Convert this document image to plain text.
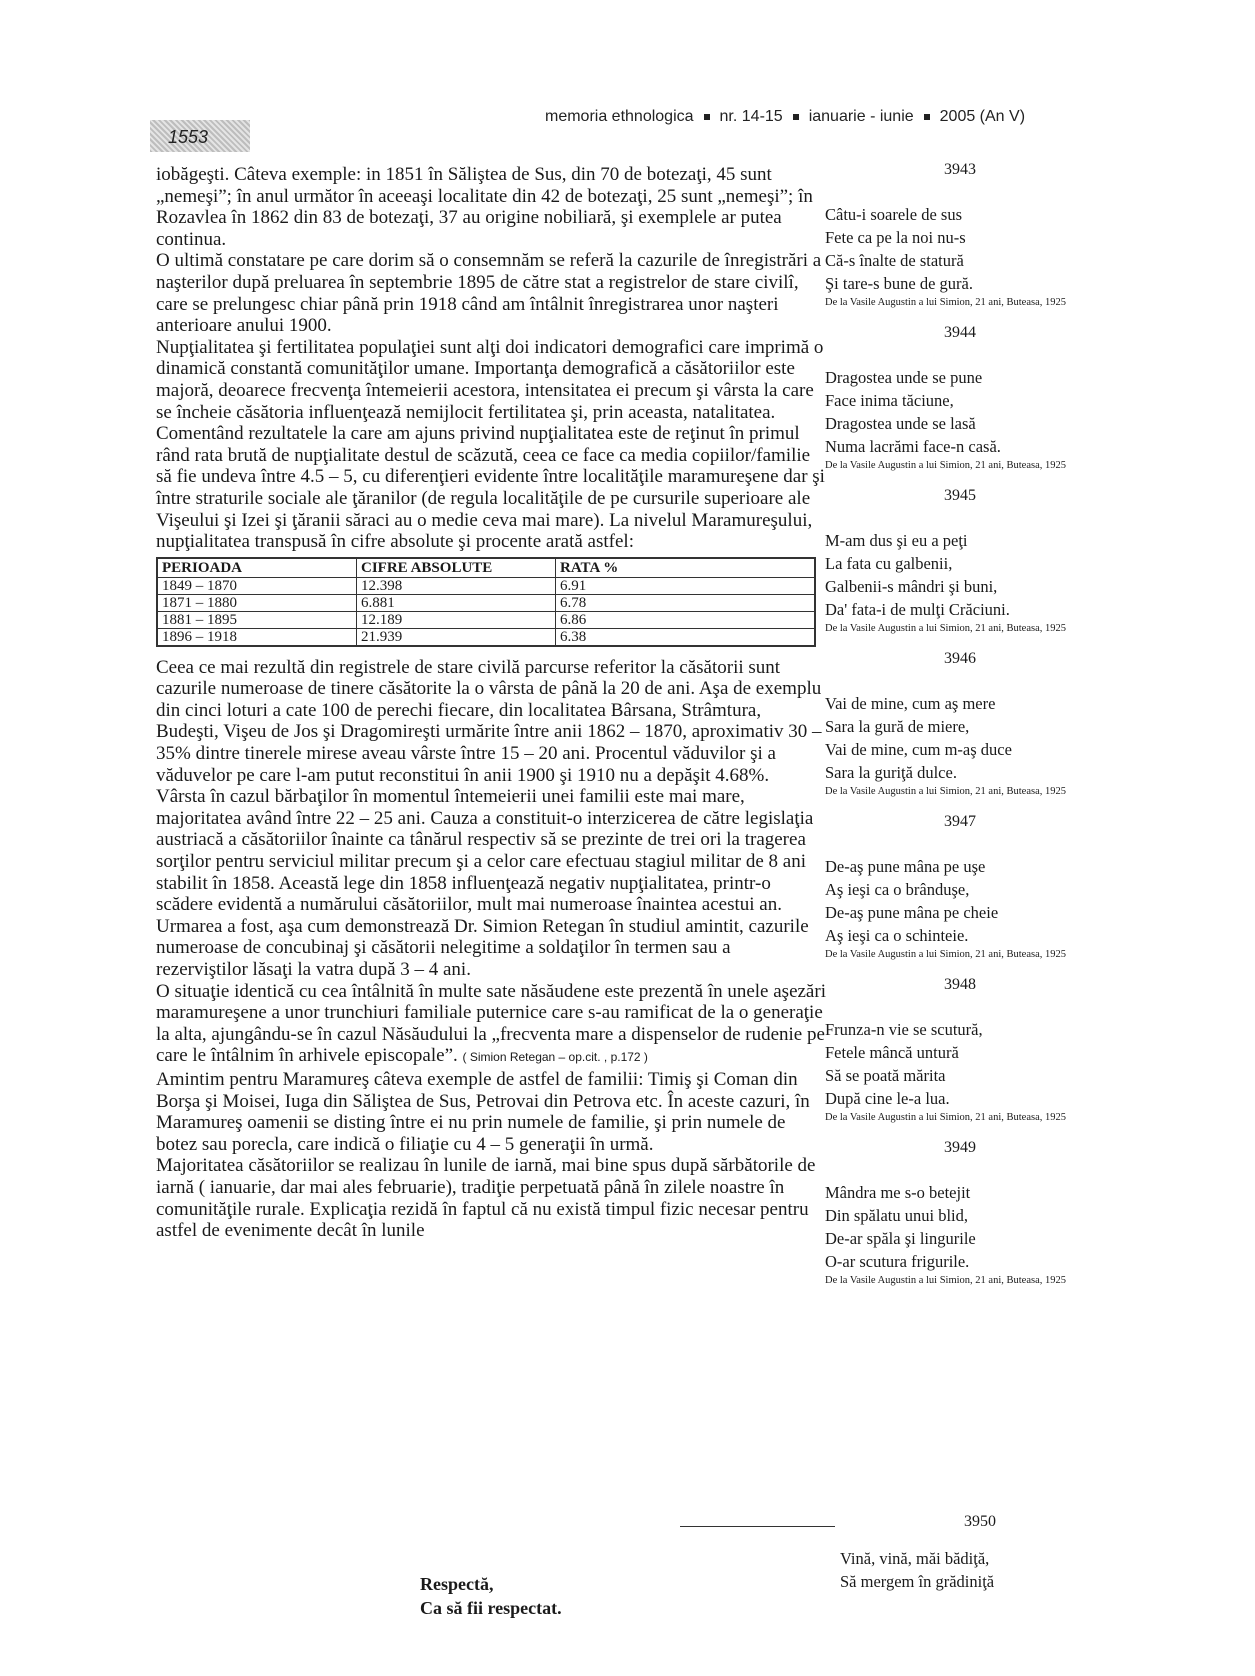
1553
memoria ethnologica nr. 14-15 ianuarie - iunie 2005 (An V)

iobăgeşti. Câteva exemple: in 1851 în Săliştea de Sus, din 70 de botezaţi, 45 sunt „nemeşi”; în anul următor în aceeaşi localitate din 42 de botezaţi, 25 sunt „nemeşi”; în Rozavlea în 1862 din 83 de botezaţi, 37 au origine nobiliară, şi exemplele ar putea continua.

O ultimă constatare pe care dorim să o consemnăm se referă la cazurile de înregistrări a naşterilor după preluarea în septembrie 1895 de către stat a registrelor de stare civilî, care se prelungesc chiar până prin 1918 când am întâlnit înregistrarea unor naşteri anterioare anului 1900.

Nupţialitatea şi fertilitatea populaţiei sunt alţi doi indicatori demografici care imprimă o dinamică constantă comunităţilor umane. Importanţa demografică a căsătoriilor este majoră, deoarece frecvenţa întemeierii acestora, intensitatea ei precum şi vârsta la care se încheie căsătoria influenţează nemijlocit fertilitatea şi, prin aceasta, natalitatea.

Comentând rezultatele la care am ajuns privind nupţialitatea este de reţinut în primul rând rata brută de nupţialitate destul de scăzută, ceea ce face ca media copiilor/familie să fie undeva între 4.5 – 5, cu diferenţieri evidente între localităţile maramureşene dar şi între straturile sociale ale ţăranilor (de regula localităţile de pe cursurile superioare ale Vişeului şi Izei şi ţăranii săraci au o medie ceva mai mare). La nivelul Maramureşului, nupţialitatea transpusă în cifre absolute şi procente arată astfel:

PERIOADA	CIFRE ABSOLUTE	RATA %
1849 – 1870	12.398	6.91
1871 – 1880	6.881	6.78
1881 – 1895	12.189	6.86
1896 – 1918	21.939	6.38

Ceea ce mai rezultă din registrele de stare civilă parcurse referitor la căsătorii sunt cazurile numeroase de tinere căsătorite la o vârsta de până la 20 de ani. Aşa de exemplu din cinci loturi a cate 100 de perechi fiecare, din localitatea Bârsana, Strâmtura, Budeşti, Vişeu de Jos şi Dragomireşti urmărite între anii 1862 – 1870, aproximativ 30 – 35% dintre tinerele mirese aveau vârste între 15 – 20 ani. Procentul văduvilor şi a văduvelor pe care l-am putut reconstitui în anii 1900 şi 1910 nu a depăşit 4.68%.

Vârsta în cazul bărbaţilor în momentul întemeierii unei familii este mai mare, majoritatea având între 22 – 25 ani. Cauza a constituit-o interzicerea de către legislaţia austriacă a căsătoriilor înainte ca tânărul respectiv să se prezinte de trei ori la tragerea sorţilor pentru serviciul militar precum şi a celor care efectuau stagiul militar de 8 ani stabilit în 1858. Această lege din 1858 influenţează negativ nupţialitatea, printr-o scădere evidentă a numărului căsătoriilor, mult mai numeroase înaintea acestui an.

Urmarea a fost, aşa cum demonstrează Dr. Simion Retegan în studiul amintit, cazurile numeroase de concubinaj şi căsătorii nelegitime a soldaţilor în termen sau a rezerviştilor lăsaţi la vatra după 3 – 4 ani.

O situaţie identică cu cea întâlnită în multe sate năsăudene este prezentă în unele aşezări maramureşene a unor trunchiuri familiale puternice care s-au ramificat de la o generaţie la alta, ajungându-se în cazul Năsăudului la „frecventa mare a dispenselor de rudenie pe care le întâlnim în arhivele episcopale”. ( Simion Retegan – op.cit. , p.172 )

Amintim pentru Maramureş câteva exemple de astfel de familii: Timiş şi Coman din Borşa şi Moisei, Iuga din Săliştea de Sus, Petrovai din Petrova etc. În aceste cazuri, în Maramureş oamenii se disting între ei nu prin numele de familie, şi prin numele de botez sau porecla, care indică o filiaţie cu 4 – 5 generaţii în urmă.

Majoritatea căsătoriilor se realizau în lunile de iarnă, mai bine spus după sărbătorile de iarnă ( ianuarie, dar mai ales februarie), tradiţie perpetuată până în zilele noastre în comunităţile rurale. Explicaţia rezidă în faptul că nu există timpul fizic necesar pentru astfel de evenimente decât în lunile

3943
Câtu-i soarele de sus
Fete ca pe la noi nu-s
Că-s înalte de statură
Şi tare-s bune de gură.
De la Vasile Augustin a lui Simion, 21 ani, Buteasa, 1925
3944
Dragostea unde se pune
Face inima tăciune,
Dragostea unde se lasă
Numa lacrămi face-n casă.
De la Vasile Augustin a lui Simion, 21 ani, Buteasa, 1925
3945
M-am dus şi eu a peţi
La fata cu galbenii,
Galbenii-s mândri şi buni,
Da' fata-i de mulţi Crăciuni.
De la Vasile Augustin a lui Simion, 21 ani, Buteasa, 1925
3946
Vai de mine, cum aş mere
Sara la gură de miere,
Vai de mine, cum m-aş duce
Sara la guriţă dulce.
De la Vasile Augustin a lui Simion, 21 ani, Buteasa, 1925
3947
De-aş pune mâna pe uşe
Aş ieşi ca o brânduşe,
De-aş pune mâna pe cheie
Aş ieşi ca o schinteie.
De la Vasile Augustin a lui Simion, 21 ani, Buteasa, 1925
3948
Frunza-n vie se scutură,
Fetele mâncă untură
Să se poată mărita
După cine le-a lua.
De la Vasile Augustin a lui Simion, 21 ani, Buteasa, 1925
3949
Mândra me s-o betejit
Din spălatu unui blid,
De-ar spăla şi lingurile
O-ar scutura frigurile.
De la Vasile Augustin a lui Simion, 21 ani, Buteasa, 1925
3950
Vină, vină, măi bădiţă,
Să mergem în grădiniţă
Respectă,
Ca să fii respectat.
